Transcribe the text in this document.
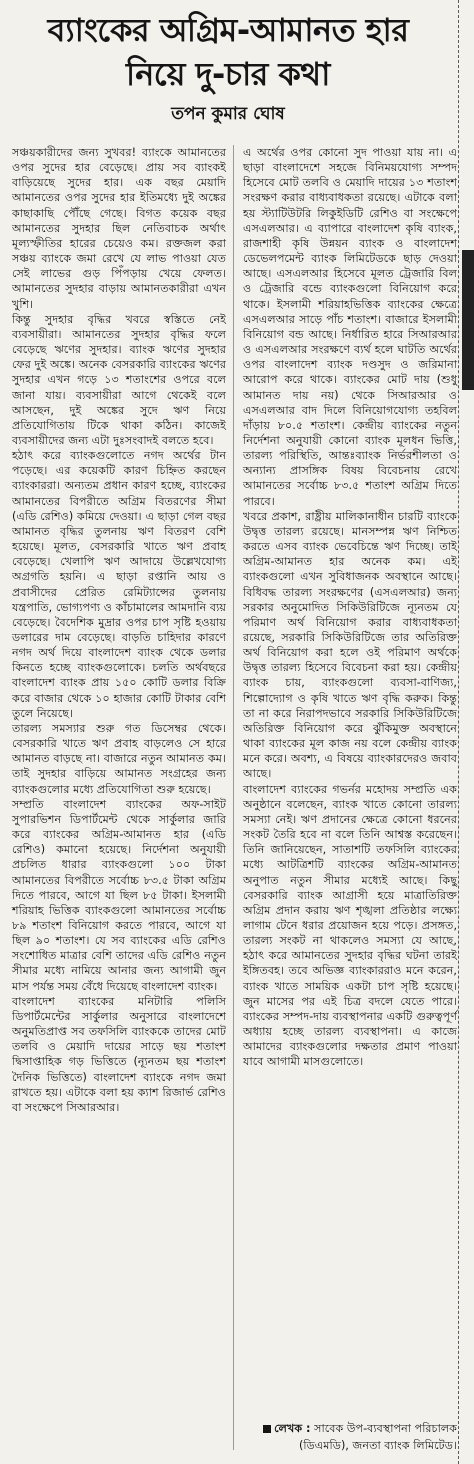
ব্যাংকের অগ্রিম-আমানত হার
নিয়ে দু-চার কথা
তপন কুমার ঘোষ

সঞ্চয়কারীদের জন্য সুখবর! ব্যাংকে আমানতের ওপর সুদের হার বেড়েছে। প্রায় সব ব্যাংকই বাড়িয়েছে সুদের হার। এক বছর মেয়াদি আমানতের ওপর সুদের হার ইতিমধ্যে দুই অঙ্কের কাছাকাছি পৌঁছে গেছে। বিগত কয়েক বছর আমানতের সুদহার ছিল নেতিবাচক অর্থাৎ মূল্যস্ফীতির হারের চেয়েও কম। রক্তজল করা সঞ্চয় ব্যাংকে জমা রেখে যে লাভ পাওয়া যেত সেই লাভের গুড় পিঁপড়ায় খেয়ে ফেলত। আমানতের সুদহার বাড়ায় আমানতকারীরা এখন খুশি।

কিন্তু সুদহার বৃদ্ধির খবরে স্বস্তিতে নেই ব্যবসায়ীরা। আমানতের সুদহার বৃদ্ধির ফলে বেড়েছে ঋণের সুদহার। ব্যাংক ঋণের সুদহার ফের দুই অঙ্কে। অনেক বেসরকারি ব্যাংকের ঋণের সুদহার এখন গড়ে ১৩ শতাংশের ওপরে বলে জানা যায়। ব্যবসায়ীরা আগে থেকেই বলে আসছেন, দুই অঙ্কের সুদে ঋণ নিয়ে প্রতিযোগিতায় টিকে থাকা কঠিন। কাজেই ব্যবসায়ীদের জন্য এটা দুঃসংবাদই বলতে হবে।

হঠাৎ করে ব্যাংকগুলোতে নগদ অর্থের টান পড়েছে। এর কয়েকটি কারণ চিহ্নিত করছেন ব্যাংকাররা। অন্যতম প্রধান কারণ হচ্ছে, ব্যাংকের আমানতের বিপরীতে অগ্রিম বিতরণের সীমা (এডি রেশিও) কমিয়ে দেওয়া। এ ছাড়া গেল বছর আমানত বৃদ্ধির তুলনায় ঋণ বিতরণ বেশি হয়েছে। মূলত, বেসরকারি খাতে ঋণ প্রবাহ বেড়েছে। খেলাপি ঋণ আদায়ে উল্লেখযোগ্য অগ্রগতি হয়নি। এ ছাড়া রপ্তানি আয় ও প্রবাসীদের প্রেরিত রেমিট্যান্সের তুলনায় যন্ত্রপাতি, ভোগ্যপণ্য ও কাঁচামালের আমদানি ব্যয় বেড়েছে। বৈদেশিক মুদ্রার ওপর চাপ সৃষ্টি হওয়ায় ডলারের দাম বেড়েছে। বাড়তি চাহিদার কারণে নগদ অর্থ দিয়ে বাংলাদেশ ব্যাংক থেকে ডলার কিনতে হচ্ছে ব্যাংকগুলোকে। চলতি অর্থবছরে বাংলাদেশ ব্যাংক প্রায় ১৫০ কোটি ডলার বিক্রি করে বাজার থেকে ১০ হাজার কোটি টাকার বেশি তুলে নিয়েছে।

তারল্য সমস্যার শুরু গত ডিসেম্বর থেকে। বেসরকারি খাতে ঋণ প্রবাহ বাড়লেও সে হারে আমানত বাড়ছে না। বাজারে নতুন আমানত কম। তাই সুদহার বাড়িয়ে আমানত সংগ্রহের জন্য ব্যাংকগুলোর মধ্যে প্রতিযোগিতা শুরু হয়েছে।

সম্প্রতি বাংলাদেশ ব্যাংকের অফ-সাইট সুপারভিশন ডিপার্টমেন্ট থেকে সার্কুলার জারি করে ব্যাংকের অগ্রিম-আমানত হার (এডি রেশিও) কমানো হয়েছে। নির্দেশনা অনুযায়ী প্রচলিত ধারার ব্যাংকগুলো ১০০ টাকা আমানতের বিপরীতে সর্বোচ্চ ৮৩.৫ টাকা অগ্রিম দিতে পারবে, আগে যা ছিল ৮৫ টাকা। ইসলামী শরিয়াহ ভিত্তিক ব্যাংকগুলো আমানতের সর্বোচ্চ ৮৯ শতাংশ বিনিয়োগ করতে পারবে, আগে যা ছিল ৯০ শতাংশ। যে সব ব্যাংকের এডি রেশিও সংশোধিত মাত্রার বেশি তাদের এডি রেশিও নতুন সীমার মধ্যে নামিয়ে আনার জন্য আগামী জুন মাস পর্যন্ত সময় বেঁধে দিয়েছে বাংলাদেশ ব্যাংক।

বাংলাদেশ ব্যাংকের মনিটারি পলিসি ডিপার্টমেন্টের সার্কুলার অনুসারে বাংলাদেশে অনুমতিপ্রাপ্ত সব তফসিলি ব্যাংককে তাদের মোট তলবি ও মেয়াদি দায়ের সাড়ে ছয় শতাংশ দ্বিসাপ্তাহিক গড় ভিত্তিতে (ন্যূনতম ছয় শতাংশ দৈনিক ভিত্তিতে) বাংলাদেশ ব্যাংকে নগদ জমা রাখতে হয়। এটাকে বলা হয় ক্যাশ রিজার্ভ রেশিও বা সংক্ষেপে সিআরআর।

এ অর্থের ওপর কোনো সুদ পাওয়া যায় না। এ ছাড়া বাংলাদেশে সহজে বিনিময়যোগ্য সম্পদ হিসেবে মোট তলবি ও মেয়াদি দায়ের ১৩ শতাংশ সংরক্ষণ করার বাধ্যবাধকতা রয়েছে। এটাকে বলা হয় স্ট্যাটিউটরি লিকুইডিটি রেশিও বা সংক্ষেপে এসএলআর। এ ব্যাপারে বাংলাদেশ কৃষি ব্যাংক, রাজশাহী কৃষি উন্নয়ন ব্যাংক ও বাংলাদেশ ডেভেলপমেন্ট ব্যাংক লিমিটেডকে ছাড় দেওয়া আছে। এসএলআর হিসেবে মূলত ট্রেজারি বিল ও ট্রেজারি বন্ডে ব্যাংকগুলো বিনিয়োগ করে থাকে। ইসলামী শরিয়াহভিত্তিক ব্যাংকের ক্ষেত্রে এসএলআর সাড়ে পাঁচ শতাংশ। বাজারে ইসলামী বিনিয়োগ বন্ড আছে। নির্ধারিত হারে সিআরআর ও এসএলআর সংরক্ষণে ব্যর্থ হলে ঘাটতি অর্থের ওপর বাংলাদেশ ব্যাংক দণ্ডসুদ ও জরিমানা আরোপ করে থাকে। ব্যাংকের মোট দায় (শুধু আমানত দায় নয়) থেকে সিআরআর ও এসএলআর বাদ দিলে বিনিয়োগযোগ্য তহবিল দাঁড়ায় ৮০.৫ শতাংশ। কেন্দ্রীয় ব্যাংকের নতুন নির্দেশনা অনুযায়ী কোনো ব্যাংক মূলধন ভিত্তি, তারল্য পরিস্থিতি, আন্তঃব্যাংক নির্ভরশীলতা ও অন্যান্য প্রাসঙ্গিক বিষয় বিবেচনায় রেখে আমানতের সর্বোচ্চ ৮৩.৫ শতাংশ অগ্রিম দিতে পারবে।

খবরে প্রকাশ, রাষ্ট্রীয় মালিকানাধীন চারটি ব্যাংকে উদ্বৃত্ত তারল্য রয়েছে। মানসম্পন্ন ঋণ নিশ্চিত করতে এসব ব্যাংক ভেবেচিন্তে ঋণ দিচ্ছে। তাই অগ্রিম-আমানত হার অনেক কম। এই ব্যাংকগুলো এখন সুবিধাজনক অবস্থানে আছে। বিধিবদ্ধ তারল্য সংরক্ষণের (এসএলআর) জন্য সরকার অনুমোদিত সিকিউরিটিজে ন্যূনতম যে পরিমাণ অর্থ বিনিয়োগ করার বাধ্যবাধকতা রয়েছে, সরকারি সিকিউরিটিজে তার অতিরিক্ত অর্থ বিনিয়োগ করা হলে ওই পরিমাণ অর্থকে উদ্বৃত্ত তারল্য হিসেবে বিবেচনা করা হয়। কেন্দ্রীয় ব্যাংক চায়, ব্যাংকগুলো ব্যবসা-বাণিজ্য, শিল্পোদ্যোগ ও কৃষি খাতে ঋণ বৃদ্ধি করুক। কিন্তু তা না করে নিরাপদভাবে সরকারি সিকিউরিটিজে অতিরিক্ত বিনিয়োগ করে ঝুঁকিমুক্ত অবস্থানে থাকা ব্যাংকের মূল কাজ নয় বলে কেন্দ্রীয় ব্যাংক মনে করে। অবশ্য, এ বিষয়ে ব্যাংকারদেরও জবাব আছে।

বাংলাদেশ ব্যাংকের গভর্নর মহোদয় সম্প্রতি এক অনুষ্ঠানে বলেছেন, ব্যাংক খাতে কোনো তারল্য সমস্যা নেই। ঋণ প্রদানের ক্ষেত্রে কোনো ধরনের সংকট তৈরি হবে না বলে তিনি আশ্বস্ত করেছেন। তিনি জানিয়েছেন, সাতাশটি তফসিলি ব্যাংকের মধ্যে আটত্রিশটি ব্যাংকের অগ্রিম-আমানত অনুপাত নতুন সীমার মধ্যেই আছে। কিছু বেসরকারি ব্যাংক আগ্রাসী হয়ে মাত্রাতিরিক্ত অগ্রিম প্রদান করায় ঋণ শৃঙ্খলা প্রতিষ্ঠার লক্ষ্যে লাগাম টেনে ধরার প্রয়োজন হয়ে পড়ে। প্রসঙ্গত, তারল্য সংকট না থাকলেও সমস্যা যে আছে, হঠাৎ করে আমানতের সুদহার বৃদ্ধির ঘটনা তারই ইঙ্গিতবহ। তবে অভিজ্ঞ ব্যাংকাররাও মনে করেন, ব্যাংক খাতে সাময়িক একটা চাপ সৃষ্টি হয়েছে। জুন মাসের পর এই চিত্র বদলে যেতে পারে। ব্যাংকের সম্পদ-দায় ব্যবস্থাপনার একটি গুরুত্বপূর্ণ অধ্যায় হচ্ছে তারল্য ব্যবস্থাপনা। এ কাজে আমাদের ব্যাংকগুলোর দক্ষতার প্রমাণ পাওয়া যাবে আগামী মাসগুলোতে।

লেখক : সাবেক উপ-ব্যবস্থাপনা পরিচালক (ডিএমডি), জনতা ব্যাংক লিমিটেড।
